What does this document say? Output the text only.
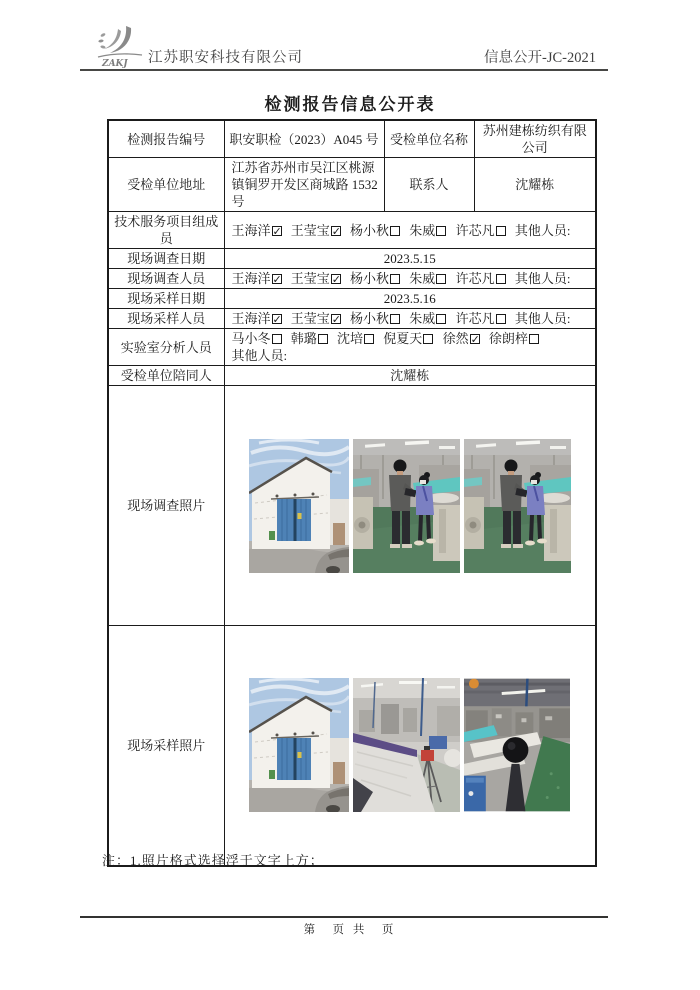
ZAKJ 江苏职安科技有限公司	信息公开-JC-2021
检测报告信息公开表
检测报告编号	职安职检（2023）A045 号	受检单位名称	苏州建栋纺织有限公司
受检单位地址	江苏省苏州市吴江区桃源镇铜罗开发区商城路 1532 号	联系人	沈耀栋
技术服务项目组成员	王海洋 ✓ 王莹宝 ✓ 杨小秋 朱威 许芯凡 其他人员:
现场调查日期	2023.5.15		
现场调查人员	王海洋 ✓ 王莹宝 ✓ 杨小秋 朱威 许芯凡 其他人员:
现场采样日期	2023.5.16		
现场采样人员	王海洋 ✓ 王莹宝 ✓ 杨小秋 朱威 许芯凡 其他人员:
实验室分析人员	马小冬 韩璐 沈培 倪夏天 徐然✓ 徐朗梓
其他人员:

受检单位陪同人	沈耀栋		
现场调查照片	

现场采样照片	
注：1.照片格式选择浮于文字上方；
第　页 共　页
